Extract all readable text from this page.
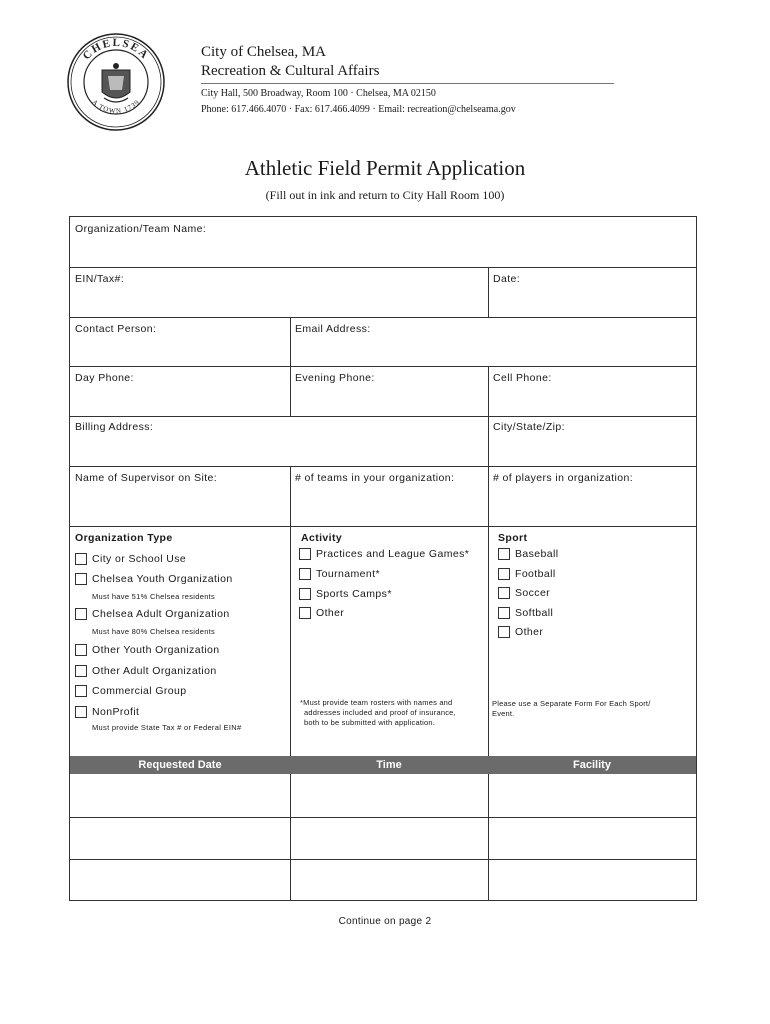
CHELSEA
A TOWN 1739
City of Chelsea, MA
Recreation & Cultural Affairs
City Hall, 500 Broadway, Room 100 · Chelsea, MA 02150
Phone: 617.466.4070 · Fax: 617.466.4099 · Email: recreation@chelseama.gov
Athletic Field Permit Application
(Fill out in ink and return to City Hall Room 100)
Organization/Team Name:
EIN/Tax#:	Date:
Contact Person:	Email Address:
Day Phone:	Evening Phone:	Cell Phone:
Billing Address:	City/State/Zip:
Name of Supervisor on Site:	# of teams in your organization:	# of players in organization:
Organization Type
City or School Use
Chelsea Youth Organization
Must have 51% Chelsea residents
Chelsea Adult Organization
Must have 80% Chelsea residents
Other Youth Organization
Other Adult Organization
Commercial Group
NonProfit
Must provide State Tax # or Federal EIN#
Activity
Practices and League Games*
Tournament*
Sports Camps*
Other
*Must provide team rosters with names and
addresses included and proof of insurance,
both to be submitted with application.
Sport
Baseball
Football
Soccer
Softball
Other
Please use a Separate Form For Each Sport/
Event.
Requested Date	Time	Facility
Continue on page 2
